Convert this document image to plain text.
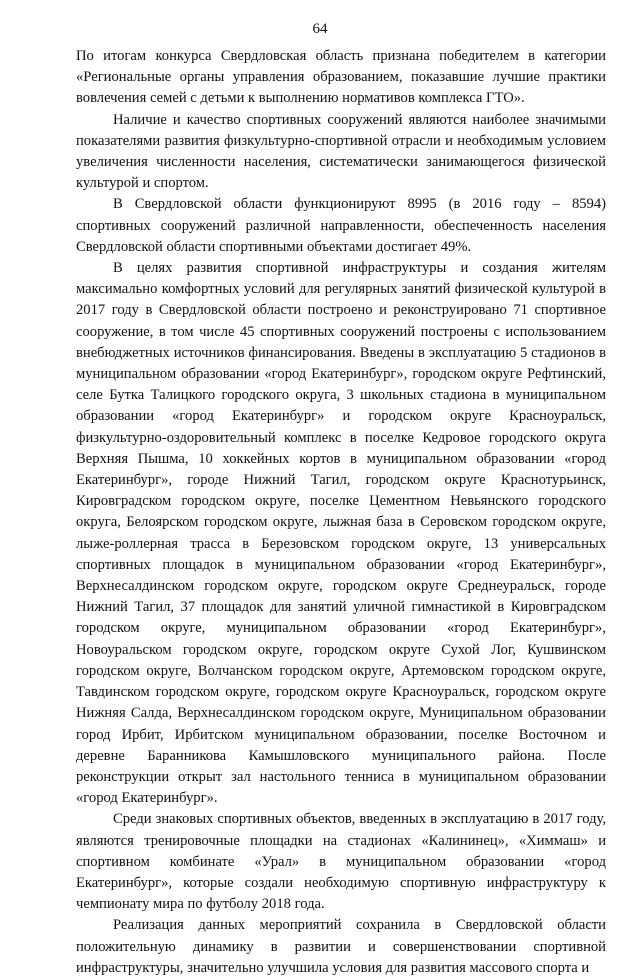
64

По итогам конкурса Свердловская область признана победителем в категории «Региональные органы управления образованием, показавшие лучшие практики вовлечения семей с детьми к выполнению нормативов комплекса ГТО».

Наличие и качество спортивных сооружений являются наиболее значимыми показателями развития физкультурно-спортивной отрасли и необходимым условием увеличения численности населения, систематически занимающегося физической культурой и спортом.

В Свердловской области функционируют 8995 (в 2016 году – 8594) спортивных сооружений различной направленности, обеспеченность населения Свердловской области спортивными объектами достигает 49%.

В целях развития спортивной инфраструктуры и создания жителям максимально комфортных условий для регулярных занятий физической культурой в 2017 году в Свердловской области построено и реконструировано 71 спортивное сооружение, в том числе 45 спортивных сооружений построены с использованием внебюджетных источников финансирования. Введены в эксплуатацию 5 стадионов в муниципальном образовании «город Екатеринбург», городском округе Рефтинский, селе Бутка Талицкого городского округа, 3 школьных стадиона в муниципальном образовании «город Екатеринбург» и городском округе Красноуральск, физкультурно-оздоровительный комплекс в поселке Кедровое городского округа Верхняя Пышма, 10 хоккейных кортов в муниципальном образовании «город Екатеринбург», городе Нижний Тагил, городском округе Краснотурьинск, Кировградском городском округе, поселке Цементном Невьянского городского округа, Белоярском городском округе, лыжная база в Серовском городском округе, лыже-роллерная трасса в Березовском городском округе, 13 универсальных спортивных площадок в муниципальном образовании «город Екатеринбург», Верхнесалдинском городском округе, городском округе Среднеуральск, городе Нижний Тагил, 37 площадок для занятий уличной гимнастикой в Кировградском городском округе, муниципальном образовании «город Екатеринбург», Новоуральском городском округе, городском округе Сухой Лог, Кушвинском городском округе, Волчанском городском округе, Артемовском городском округе, Тавдинском городском округе, городском округе Красноуральск, городском округе Нижняя Салда, Верхнесалдинском городском округе, Муниципальном образовании город Ирбит, Ирбитском муниципальном образовании, поселке Восточном и деревне Баранникова Камышловского муниципального района. После реконструкции открыт зал настольного тенниса в муниципальном образовании «город Екатеринбург».

Среди знаковых спортивных объектов, введенных в эксплуатацию в 2017 году, являются тренировочные площадки на стадионах «Калининец», «Химмаш» и спортивном комбинате «Урал» в муниципальном образовании «город Екатеринбург», которые создали необходимую спортивную инфраструктуру к чемпионату мира по футболу 2018 года.

Реализация данных мероприятий сохранила в Свердловской области положительную динамику в развитии и совершенствовании спортивной инфраструктуры, значительно улучшила условия для развития массового спорта и
